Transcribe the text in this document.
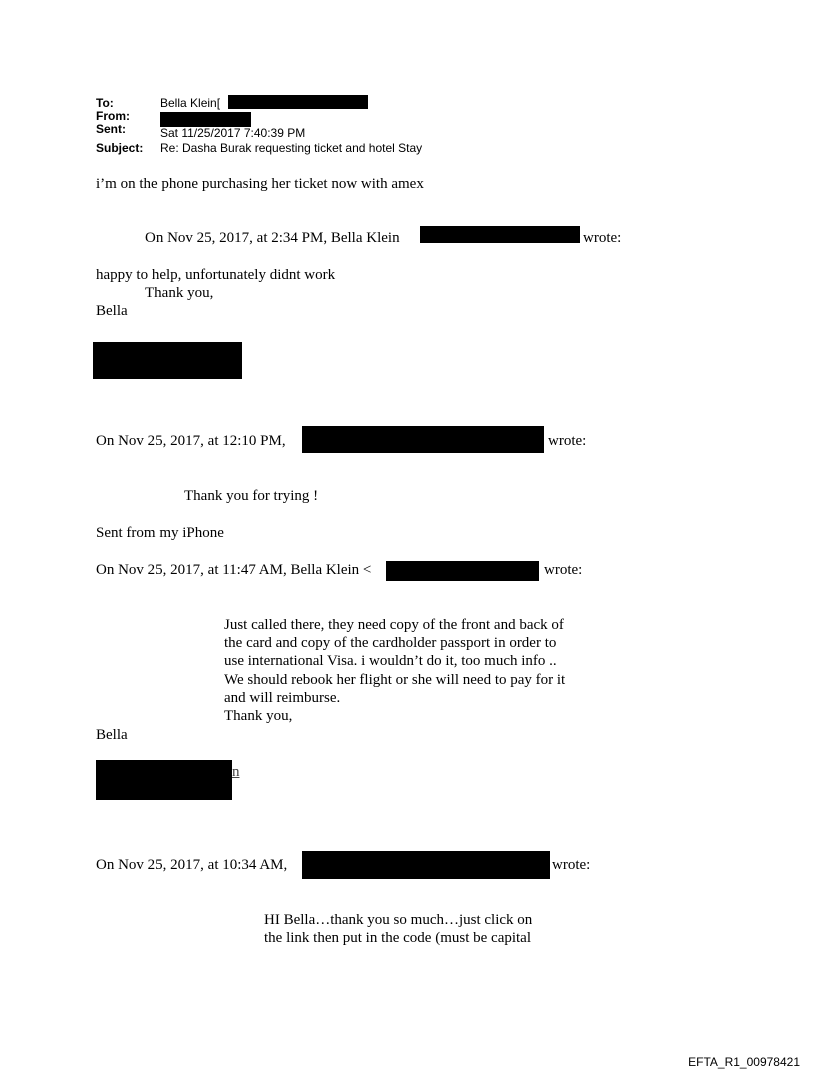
To:	Bella Klein[
From:
Sent:	Sat 11/25/2017 7:40:39 PM
Subject: Re: Dasha Burak requesting ticket and hotel Stay
i’m on the phone purchasing her ticket now with amex
On Nov 25, 2017, at 2:34 PM, Bella Klein	wrote:
happy to help, unfortunately didnt work
Thank you,
Bella
On Nov 25, 2017, at 12:10 PM,	wrote:
Thank you for trying !
Sent from my iPhone
On Nov 25, 2017, at 11:47 AM, Bella Klein <	wrote:
Just called there, they need copy of the front and back of
the card and copy of the cardholder passport in order to
use international Visa. i wouldn’t do it, too much info ..
We should rebook her flight or she will need to pay for it
and will reimburse.
Thank you,
Bella
n
On Nov 25, 2017, at 10:34 AM,	wrote:
HI Bella…thank you so much…just click on
the link then put in the code (must be capital
EFTA_R1_00978421
